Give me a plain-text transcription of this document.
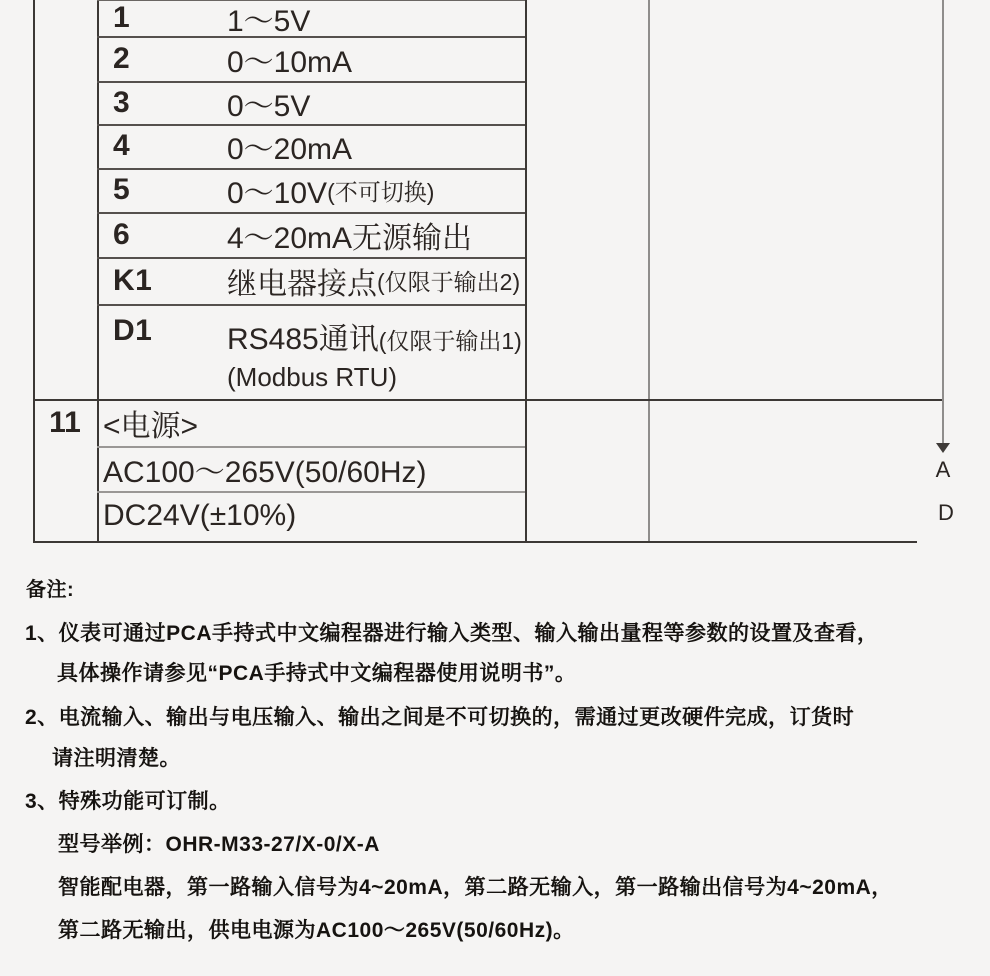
1	1～5V
2	0～10mA
3	0～5V
4	0～20mA
5	0～10V (不可切换)
6	4～20mA无源输出
K1	继电器接点 (仅限于输出2)
D1	RS485通讯(仅限于输出1)
(Modbus RTU)
11 <电源>
AC100～265V(50/60Hz)
DC24V(±10%)
A
D
备注:
1、仪表可通过PCA手持式中文编程器进行输入类型、输入输出量程等参数的设置及查看，
具体操作请参见“PCA手持式中文编程器使用说明书”。
2、电流输入、输出与电压输入、输出之间是不可切换的，需通过更改硬件完成，订货时
请注明清楚。
3、特殊功能可订制。
型号举例：OHR-M33-27/X-0/X-A
智能配电器，第一路输入信号为4~20mA，第二路无输入，第一路输出信号为4~20mA，
第二路无输出，供电电源为AC100～265V(50/60Hz)。
